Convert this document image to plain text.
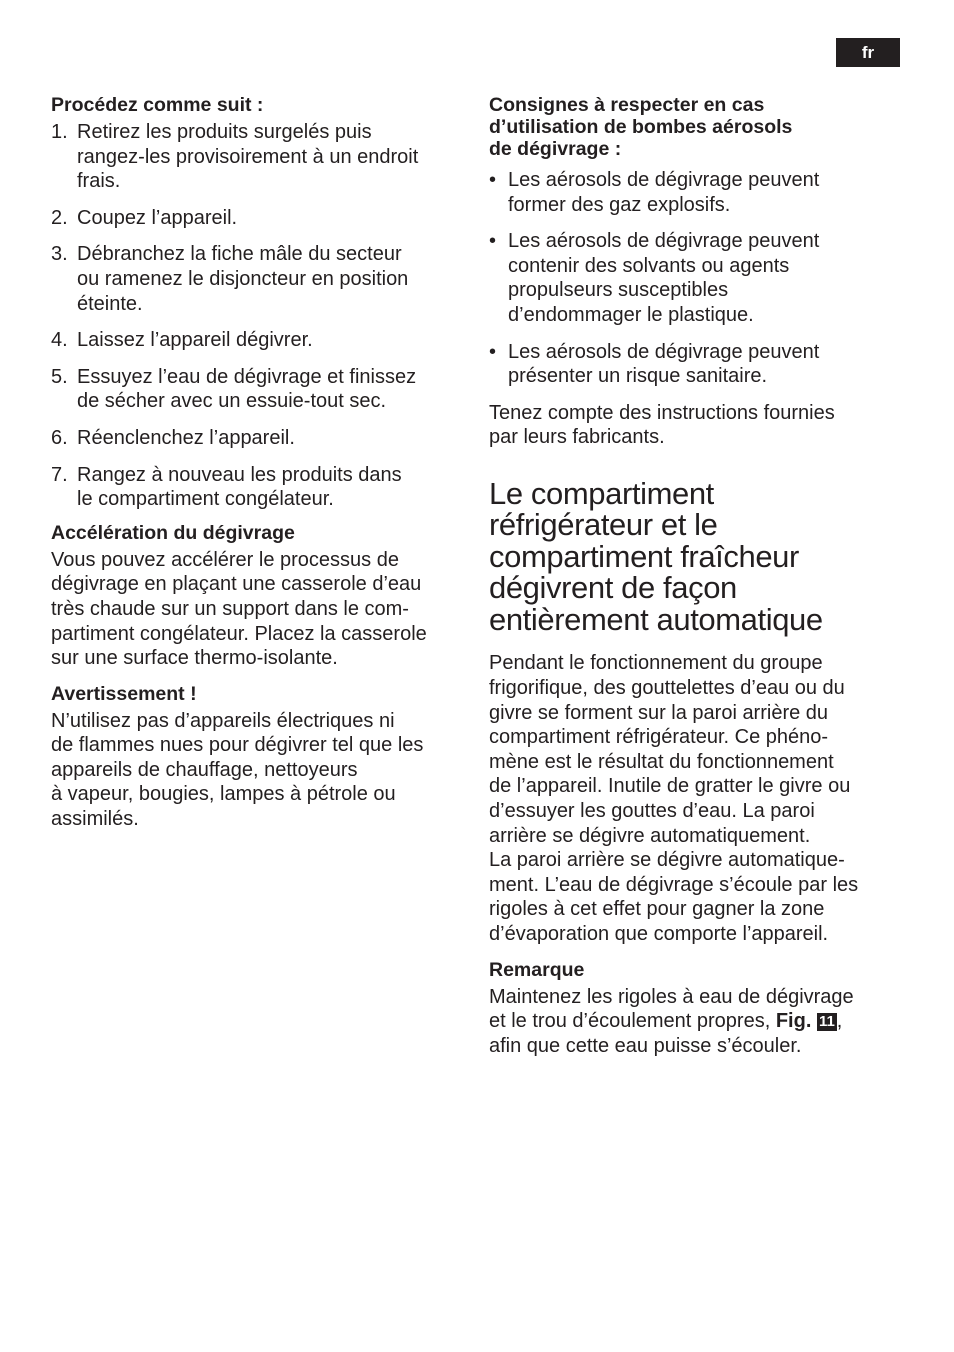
fr
Procédez comme suit :
1. Retirez les produits surgelés puis
rangez-les provisoirement à un endroit
frais.
2. Coupez l’appareil.
3. Débranchez la fiche mâle du secteur
ou ramenez le disjoncteur en position
éteinte.
4. Laissez l’appareil dégivrer.
5. Essuyez l’eau de dégivrage et finissez
de sécher avec un essuie-tout sec.
6. Réenclenchez l’appareil.
7. Rangez à nouveau les produits dans
le compartiment congélateur.
Accélération du dégivrage

Vous pouvez accélérer le processus de
dégivrage en plaçant une casserole d’eau
très chaude sur un support dans le com-
partiment congélateur. Placez la casserole
sur une surface thermo-isolante.

Avertissement !

N’utilisez pas d’appareils électriques ni
de flammes nues pour dégivrer tel que les
appareils de chauffage, nettoyeurs
à vapeur, bougies, lampes à pétrole ou
assimilés.

Consignes à respecter en cas
d’utilisation de bombes aérosols
de dégivrage :
• Les aérosols de dégivrage peuvent
former des gaz explosifs.
• Les aérosols de dégivrage peuvent
contenir des solvants ou agents
propulseurs susceptibles
d’endommager le plastique.
• Les aérosols de dégivrage peuvent
présenter un risque sanitaire.

Tenez compte des instructions fournies
par leurs fabricants.

Le compartiment
réfrigérateur et le
compartiment fraîcheur
dégivrent de façon
entièrement automatique

Pendant le fonctionnement du groupe
frigorifique, des gouttelettes d’eau ou du
givre se forment sur la paroi arrière du
compartiment réfrigérateur. Ce phéno-
mène est le résultat du fonctionnement
de l’appareil. Inutile de gratter le givre ou
d’essuyer les gouttes d’eau. La paroi
arrière se dégivre automatiquement.
La paroi arrière se dégivre automatique-
ment. L’eau de dégivrage s’écoule par les
rigoles à cet effet pour gagner la zone
d’évaporation que comporte l’appareil.

Remarque

Maintenez les rigoles à eau de dégivrage
et le trou d’écoulement propres, Fig. 11 ,
afin que cette eau puisse s’écouler.
